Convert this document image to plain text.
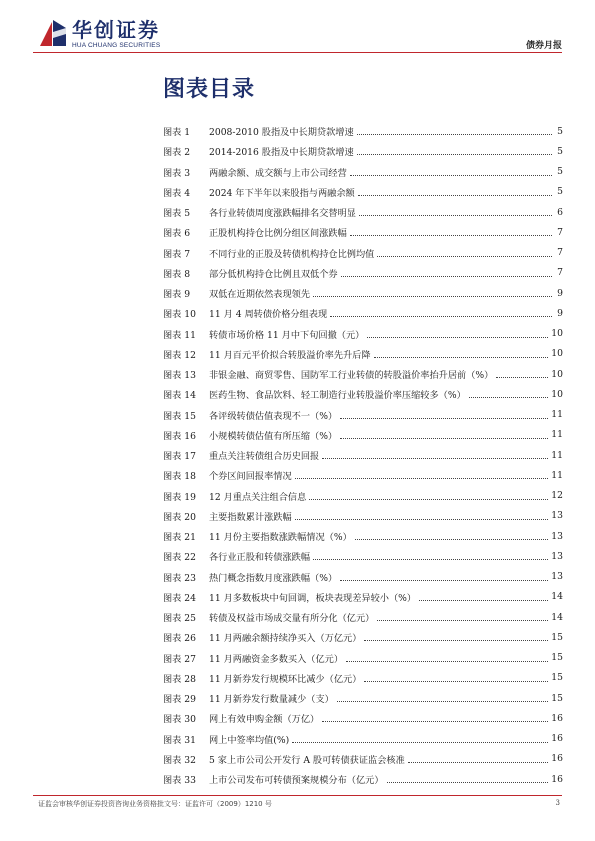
华创证券
HUA CHUANG SECURITIES	债券月报
图表目录
图表 1	2008-2010 股指及中长期贷款增速	5
图表 2	2014-2016 股指及中长期贷款增速	5
图表 3	两融余额、成交额与上市公司经营	5
图表 4	2024 年下半年以来股指与两融余额	5
图表 5	各行业转债周度涨跌幅排名交替明显	6
图表 6	正股机构持仓比例分组区间涨跌幅	7
图表 7	不同行业的正股及转债机构持仓比例均值	7
图表 8	部分低机构持仓比例且双低个券	7
图表 9	双低在近期依然表现领先	9
图表 10	11 月 4 周转债价格分组表现	9
图表 11	转债市场价格 11 月中下旬回撤（元）	10
图表 12	11 月百元平价拟合转股溢价率先升后降	10
图表 13	非银金融、商贸零售、国防军工行业转债的转股溢价率抬升居前（%）	10
图表 14	医药生物、食品饮料、轻工制造行业转股溢价率压缩较多（%）	10
图表 15	各评级转债估值表现不一（%）	11
图表 16	小规模转债估值有所压缩（%）	11
图表 17	重点关注转债组合历史回报	11
图表 18	个券区间回报率情况	11
图表 19	12 月重点关注组合信息	12
图表 20	主要指数累计涨跌幅	13
图表 21	11 月份主要指数涨跌幅情况（%）	13
图表 22	各行业正股和转债涨跌幅	13
图表 23	热门概念指数月度涨跌幅（%）	13
图表 24	11 月多数板块中旬回调，板块表现差异较小（%）	14
图表 25	转债及权益市场成交量有所分化（亿元）	14
图表 26	11 月两融余额持续净买入（万亿元）	15
图表 27	11 月两融资金多数买入（亿元）	15
图表 28	11 月新券发行规模环比减少（亿元）	15
图表 29	11 月新券发行数量减少（支）	15
图表 30	网上有效申购金额（万亿）	16
图表 31	网上中签率均值(%)	16
图表 32	5 家上市公司公开发行 A 股可转债获证监会核准	16
图表 33	上市公司发布可转债预案规模分布（亿元）	16
证监会审核华创证券投资咨询业务资格批文号：证监许可（2009）1210 号	3
